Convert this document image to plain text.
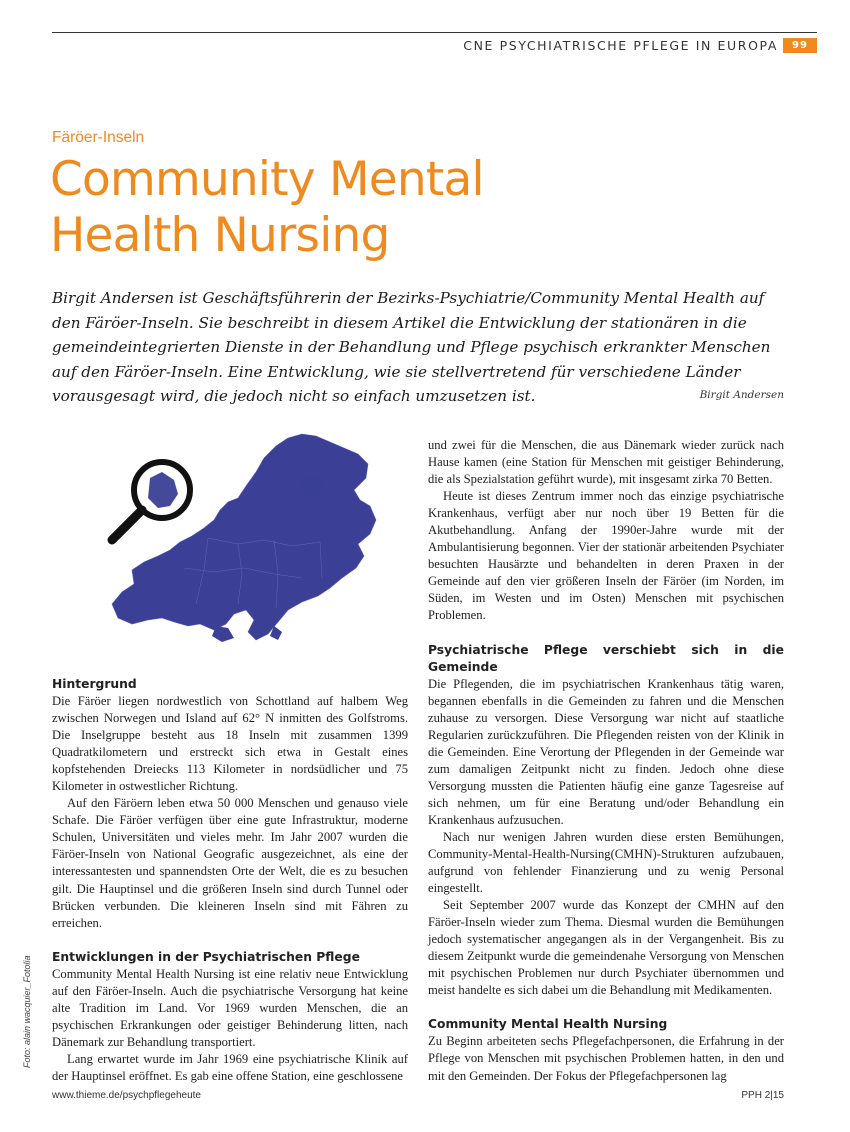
CNE PSYCHIATRISCHE PFLEGE IN EUROPA	99
Färöer-Inseln
Community Mental
Health Nursing

Birgit Andersen ist Geschäftsführerin der Bezirks-Psychiatrie/Community Mental Health auf den Färöer-Inseln. Sie beschreibt in diesem Artikel die Entwicklung der stationären in die gemeindeintegrierten Dienste in der Behandlung und Pflege psychisch erkrankter Menschen auf den Färöer-Inseln. Eine Entwicklung, wie sie stellvertretend für verschiedene Länder vorausgesagt wird, die jedoch nicht so einfach umzusetzen ist.	Birgit Andersen
Foto: alain wacquier_Fotolia
Hintergrund

Die Färöer liegen nordwestlich von Schottland auf halbem Weg zwischen Norwegen und Island auf 62° N inmitten des Golfstroms. Die Inselgruppe besteht aus 18 Inseln mit zusammen 1399 Quadratkilometern und erstreckt sich etwa in Gestalt eines kopfstehenden Dreiecks 113 Kilometer in nordsüdlicher und 75 Kilometer in ostwestlicher Richtung.

Auf den Färöern leben etwa 50 000 Menschen und genauso viele Schafe. Die Färöer verfügen über eine gute Infrastruktur, moderne Schulen, Universitäten und vieles mehr. Im Jahr 2007 wurden die Färöer-Inseln von National Geografic ausgezeichnet, als eine der interessantesten und spannendsten Orte der Welt, die es zu besuchen gilt. Die Hauptinsel und die größeren Inseln sind durch Tunnel oder Brücken verbunden. Die kleineren Inseln sind mit Fähren zu erreichen.

Entwicklungen in der Psychiatrischen Pflege

Community Mental Health Nursing ist eine relativ neue Entwicklung auf den Färöer-Inseln. Auch die psychiatrische Versorgung hat keine alte Tradition im Land. Vor 1969 wurden Menschen, die an psychischen Erkrankungen oder geistiger Behinderung litten, nach Dänemark zur Behandlung transportiert.

Lang erwartet wurde im Jahr 1969 eine psychiatrische Klinik auf der Hauptinsel eröffnet. Es gab eine offene Station, eine geschlossene

und zwei für die Menschen, die aus Dänemark wieder zurück nach Hause kamen (eine Station für Menschen mit geistiger Behinderung, die als Spezialstation geführt wurde), mit insgesamt zirka 70 Betten.

Heute ist dieses Zentrum immer noch das einzige psychiatrische Krankenhaus, verfügt aber nur noch über 19 Betten für die Akutbehandlung. Anfang der 1990er-Jahre wurde mit der Ambulantisierung begonnen. Vier der stationär arbeitenden Psychiater besuchten Hausärzte und behandelten in deren Praxen in der Gemeinde auf den vier größeren Inseln der Färöer (im Norden, im Süden, im Westen und im Osten) Menschen mit psychischen Problemen.

Psychiatrische Pflege verschiebt sich in die Gemeinde

Die Pflegenden, die im psychiatrischen Krankenhaus tätig waren, begannen ebenfalls in die Gemeinden zu fahren und die Menschen zuhause zu versorgen. Diese Versorgung war nicht auf staatliche Regularien zurückzuführen. Die Pflegenden reisten von der Klinik in die Gemeinden. Eine Verortung der Pflegenden in der Gemeinde war zum damaligen Zeitpunkt nicht zu finden. Jedoch ohne diese Versorgung mussten die Patienten häufig eine ganze Tagesreise auf sich nehmen, um für eine Beratung und/oder Behandlung ein Krankenhaus aufzusuchen.

Nach nur wenigen Jahren wurden diese ersten Bemühungen, Community-Mental-Health-Nursing(CMHN)-Strukturen aufzubauen, aufgrund von fehlender Finanzierung und zu wenig Personal eingestellt.

Seit September 2007 wurde das Konzept der CMHN auf den Färöer-Inseln wieder zum Thema. Diesmal wurden die Bemühungen jedoch systematischer angegangen als in der Vergangenheit. Bis zu diesem Zeitpunkt wurde die gemeindenahe Versorgung von Menschen mit psychischen Problemen nur durch Psychiater übernommen und meist handelte es sich dabei um die Behandlung mit Medikamenten.

Community Mental Health Nursing

Zu Beginn arbeiteten sechs Pflegefachpersonen, die Erfahrung in der Pflege von Menschen mit psychischen Problemen hatten, in den und mit den Gemeinden. Der Fokus der Pflegefachpersonen lag

www.thieme.de/psychpflegeheute	PPH 2|15
